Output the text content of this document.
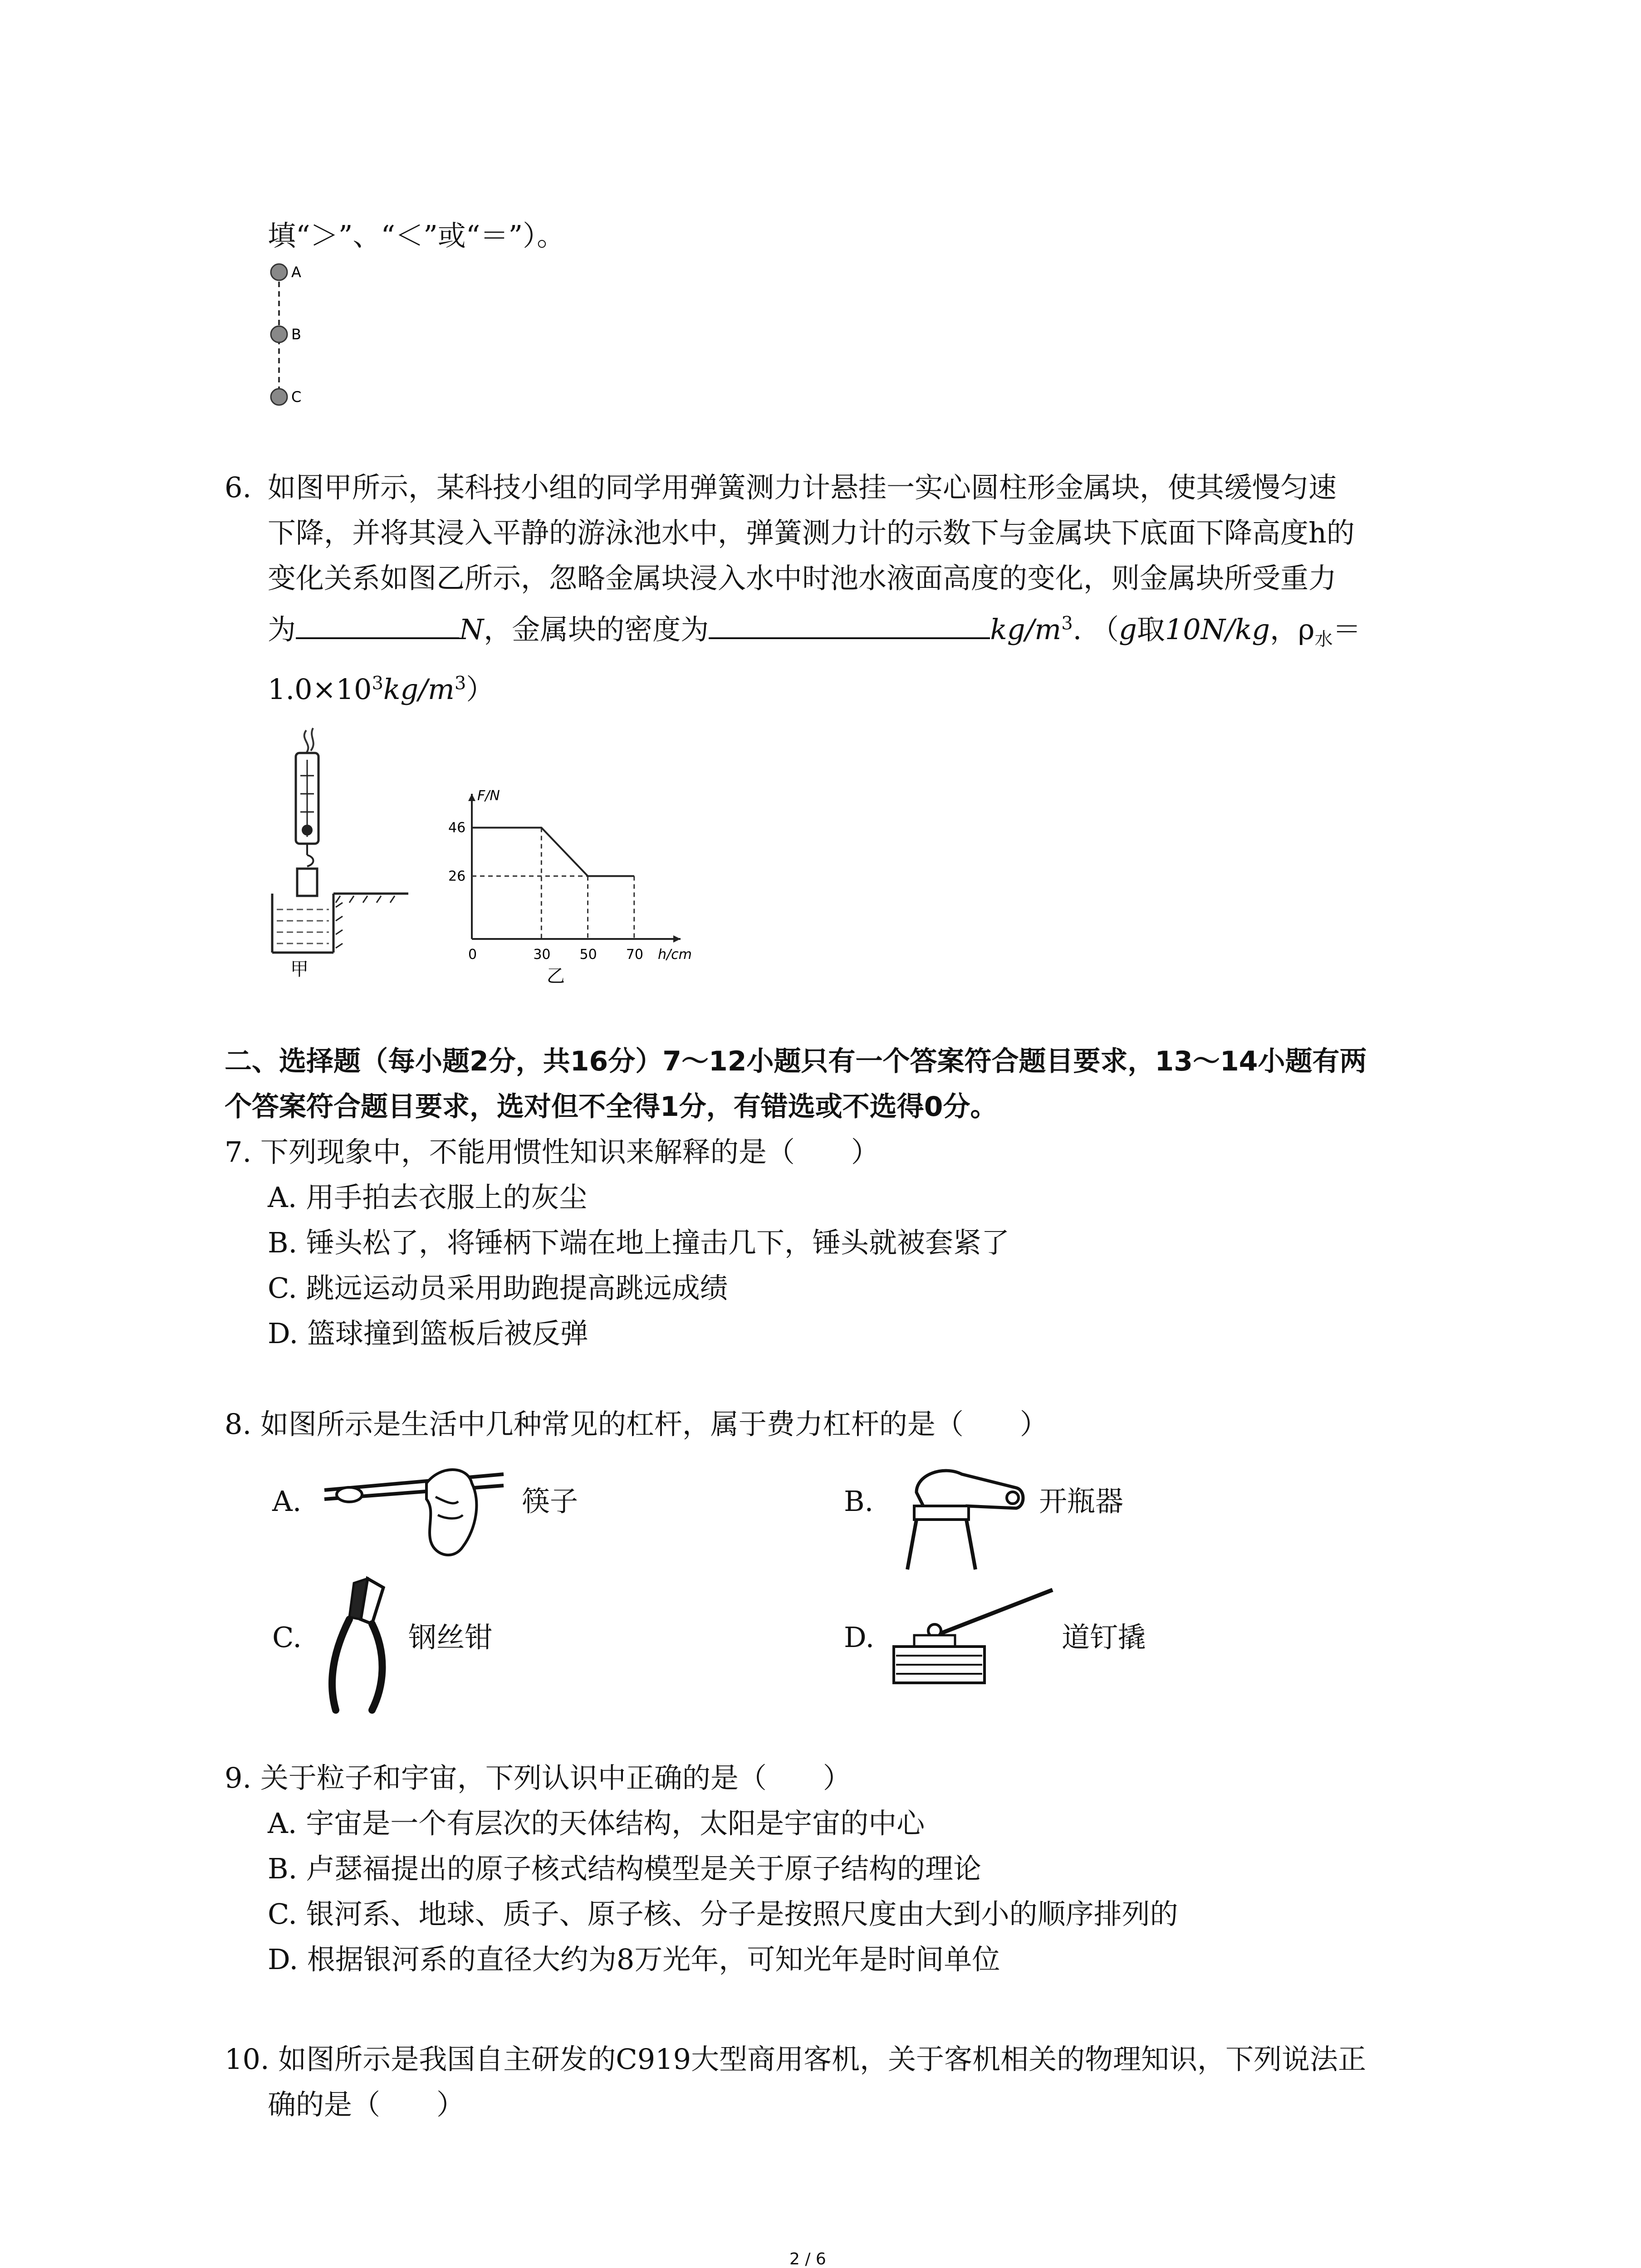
填“＞”、“＜”或“＝”）。
A
B
C
6. 如图甲所示，某科技小组的同学用弹簧测力计悬挂一实心圆柱形金属块，使其缓慢匀速
下降，并将其浸入平静的游泳池水中，弹簧测力计的示数下与金属块下底面下降高度h的
变化关系如图乙所示，忽略金属块浸入水中时池水液面高度的变化，则金属块所受重力
为	N，金属块的密度为	$kg/m^3$. （g取10N/kg，$\rho_水=$
$1.0\times 10^3kg/m^3$）
甲
F/N
h/cm
0	30 50 70
46
26
乙
二、选择题（每小题2分，共16分）7～12小题只有一个答案符合题目要求，13～14小题有两
个答案符合题目要求，选对但不全得1分，有错选或不选得0分。
7. 下列现象中，不能用惯性知识来解释的是（　　）
A. 用手拍去衣服上的灰尘
B. 锤头松了，将锤柄下端在地上撞击几下，锤头就被套紧了
C. 跳远运动员采用助跑提高跳远成绩
D. 篮球撞到篮板后被反弹
8. 如图所示是生活中几种常见的杠杆，属于费力杠杆的是（　　）
A.	筷子	B.	开瓶器
C.	钢丝钳	D.	道钉撬
9. 关于粒子和宇宙，下列认识中正确的是（　　）
A. 宇宙是一个有层次的天体结构，太阳是宇宙的中心
B. 卢瑟福提出的原子核式结构模型是关于原子结构的理论
C. 银河系、地球、质子、原子核、分子是按照尺度由大到小的顺序排列的
D. 根据银河系的直径大约为8万光年，可知光年是时间单位
10. 如图所示是我国自主研发的C919大型商用客机，关于客机相关的物理知识，下列说法正
确的是（　　）
2 / 6
